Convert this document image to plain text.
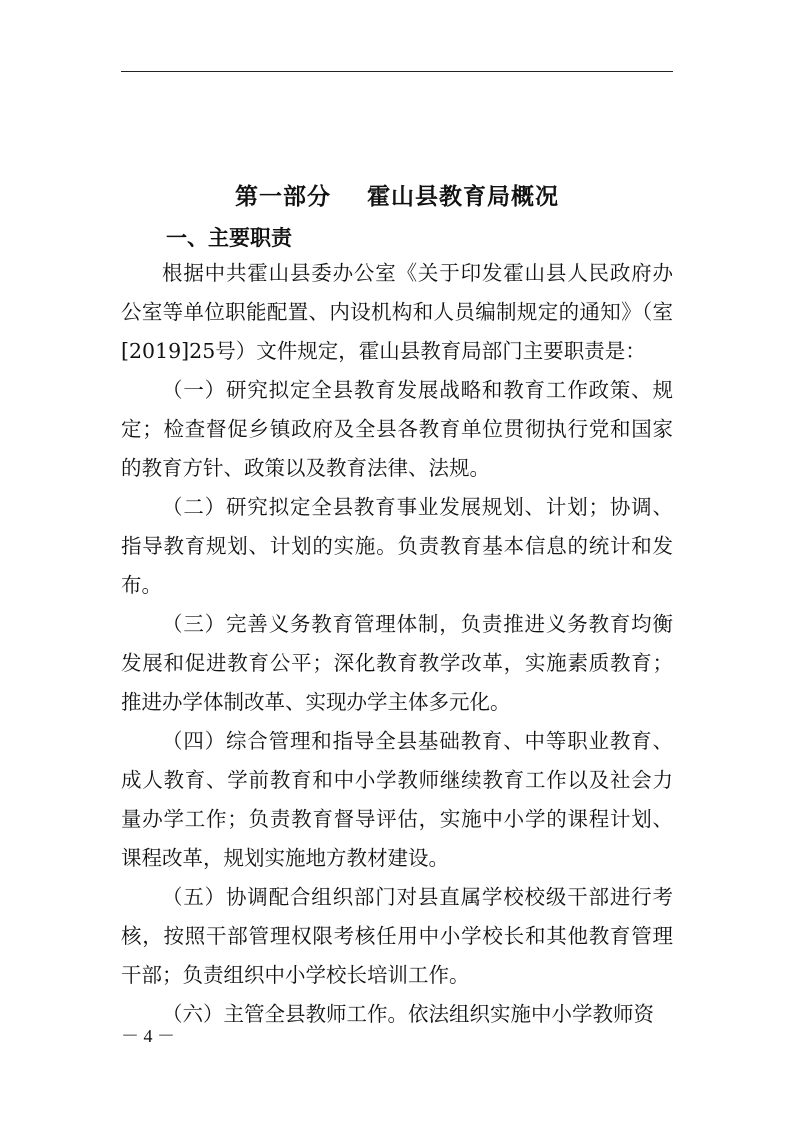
第一部分    霍山县教育局概况
一、主要职责

根据中共霍山县委办公室《关于印发霍山县人民政府办公室等单位职能配置、内设机构和人员编制规定的通知》（室[2019]25号）文件规定，霍山县教育局部门主要职责是：

（一）研究拟定全县教育发展战略和教育工作政策、规定；检查督促乡镇政府及全县各教育单位贯彻执行党和国家的教育方针、政策以及教育法律、法规。

（二）研究拟定全县教育事业发展规划、计划；协调、指导教育规划、计划的实施。负责教育基本信息的统计和发布。

（三）完善义务教育管理体制，负责推进义务教育均衡发展和促进教育公平；深化教育教学改革，实施素质教育；推进办学体制改革、实现办学主体多元化。

（四）综合管理和指导全县基础教育、中等职业教育、成人教育、学前教育和中小学教师继续教育工作以及社会力量办学工作；负责教育督导评估，实施中小学的课程计划、课程改革，规划实施地方教材建设。

（五）协调配合组织部门对县直属学校校级干部进行考核，按照干部管理权限考核任用中小学校长和其他教育管理干部；负责组织中小学校长培训工作。

（六）主管全县教师工作。依法组织实施中小学教师资

－ 4 －
